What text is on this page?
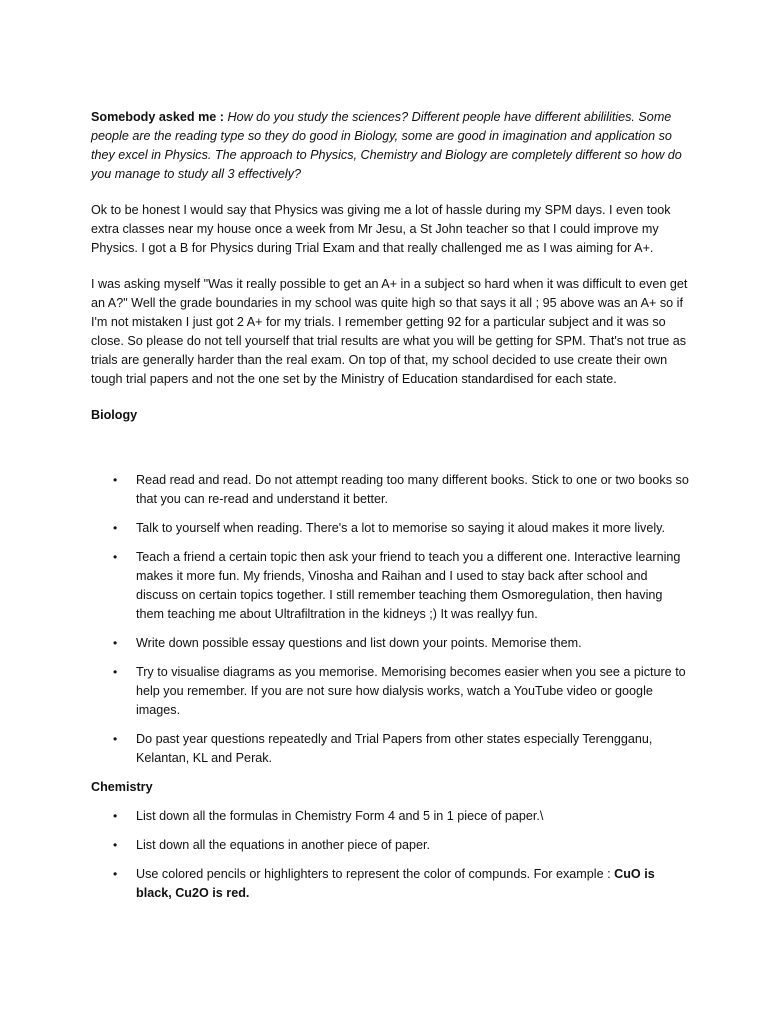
Somebody asked me : How do you study the sciences? Different people have different abililities. Some people are the reading type so they do good in Biology, some are good in imagination and application so they excel in Physics. The approach to Physics, Chemistry and Biology are completely different so how do you manage to study all 3 effectively?

Ok to be honest I would say that Physics was giving me a lot of hassle during my SPM days. I even took extra classes near my house once a week from Mr Jesu, a St John teacher so that I could improve my Physics. I got a B for Physics during Trial Exam and that really challenged me as I was aiming for A+.

I was asking myself "Was it really possible to get an A+ in a subject so hard when it was difficult to even get an A?" Well the grade boundaries in my school was quite high so that says it all ; 95 above was an A+ so if I'm not mistaken I just got 2 A+ for my trials. I remember getting 92 for a particular subject and it was so close. So please do not tell yourself that trial results are what you will be getting for SPM. That's not true as trials are generally harder than the real exam. On top of that, my school decided to use create their own tough trial papers and not the one set by the Ministry of Education standardised for each state.

Biology

• Read read and read. Do not attempt reading too many different books. Stick to one or two books so that you can re-read and understand it better.
• Talk to yourself when reading. There's a lot to memorise so saying it aloud makes it more lively.
• Teach a friend a certain topic then ask your friend to teach you a different one. Interactive learning makes it more fun. My friends, Vinosha and Raihan and I used to stay back after school and discuss on certain topics together. I still remember teaching them Osmoregulation, then having them teaching me about Ultrafiltration in the kidneys ;) It was reallyy fun.
• Write down possible essay questions and list down your points. Memorise them.
• Try to visualise diagrams as you memorise. Memorising becomes easier when you see a picture to help you remember. If you are not sure how dialysis works, watch a YouTube video or google images.
• Do past year questions repeatedly and Trial Papers from other states especially Terengganu, Kelantan, KL and Perak.

Chemistry

• List down all the formulas in Chemistry Form 4 and 5 in 1 piece of paper.\
• List down all the equations in another piece of paper.
• Use colored pencils or highlighters to represent the color of compunds. For example : CuO is black, Cu2O is red.
